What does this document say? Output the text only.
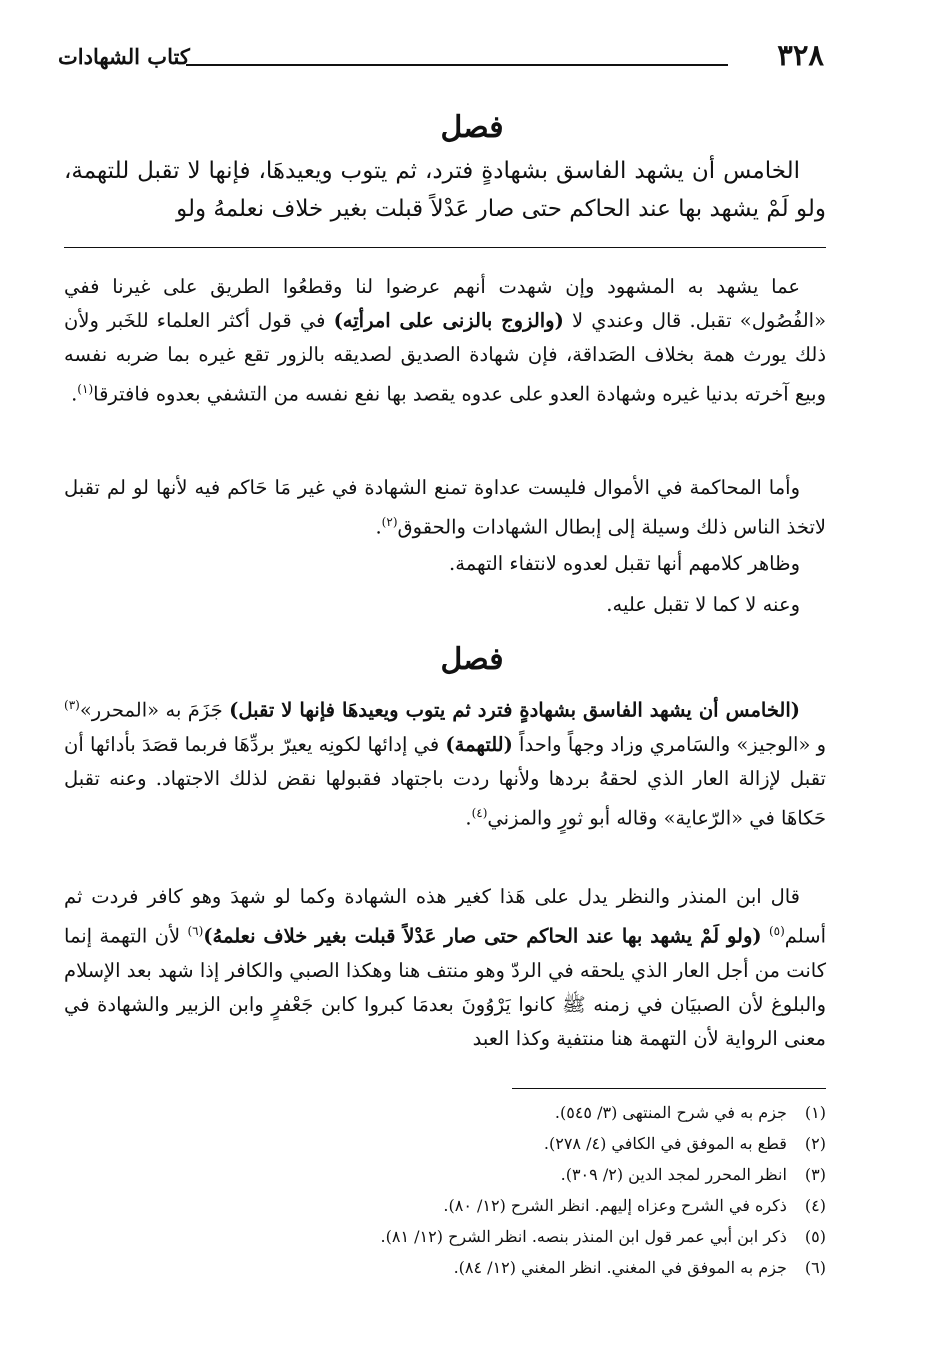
٣٢٨
كتاب الشهادات
فصل

الخامس أن يشهد الفاسق بشهادةٍ فترد، ثم يتوب ويعيدهَا، فإنها لا تقبل للتهمة، ولو لَمْ يشهد بها عند الحاكم حتى صار عَدْلاً قبلت بغير خلاف نعلمهُ ولو

عما يشهد به المشهود وإن شهدت أنهم عرضوا لنا وقطعُوا الطريق على غيرنا ففي «الفُصُول» تقبل. قال وعندي لا (والزوج بالزنى على امرأتِه) في قول أكثر العلماء للخَبر ولأن ذلك يورث همة بخلاف الصَداقة، فإن شهادة الصديق لصديقه بالزور تقع غيره بما ضربه نفسه وبيع آخرته بدنيا غيره وشهادة العدو على عدوه يقصد بها نفع نفسه من التشفي بعدوه فافترقا$^{(١)}$.

وأما المحاكمة في الأموال فليست عداوة تمنع الشهادة في غير مَا حَاكم فيه لأنها لو لم تقبل لاتخذ الناس ذلك وسيلة إلى إبطال الشهادات والحقوق$^{(٢)}$.

وظاهر كلامهم أنها تقبل لعدوه لانتفاء التهمة.

وعنه لا كما لا تقبل عليه.

فصل

(الخامس أن يشهد الفاسق بشهادةٍ فترد ثم يتوب ويعيدهَا فإنها لا تقبل) جَزَمَ به «المحرر»$^{(٣)}$ و «الوجيز» والسَامري وزاد وجهاً واحداً (للتهمة) في إدائها لكونِه يعيرّ بردِّهَا فربما قصَدَ بأدائها أن تقبل لإزالة العار الذي لحقهُ بردها ولأنها ردت باجتهاد فقبولها نقض لذلك الاجتهاد. وعنه تقبل حَكاهَا في «الرّعاية» وقاله أبو ثورٍ والمزني$^{(٤)}$.

قال ابن المنذر والنظر يدل على هَذا كغير هذه الشهادة وكما لو شهدَ وهو كافر فردت ثم أسلم$^{(٥)}$ (ولو لَمْ يشهد بها عند الحاكم حتى صار عَدْلاً قبلت بغير خلاف نعلمهُ)$^{(٦)}$ لأن التهمة إنما كانت من أجل العار الذي يلحقه في الردّ وهو منتف هنا وهكذا الصبي والكافر إذا شهد بعد الإسلام والبلوغ لأن الصبيَان في زمنه ﷺ كانوا يَرْوُونَ بعدمَا كبروا كابن جَعْفرٍ وابن الزبير والشهادة في معنى الرواية لأن التهمة هنا منتفية وكذا العبد

(١) جزم به في شرح المنتهى (٣/ ٥٤٥).
(٢) قطع به الموفق في الكافي (٤/ ٢٧٨).
(٣) انظر المحرر لمجد الدين (٢/ ٣٠٩).
(٤) ذكره في الشرح وعزاه إليهم. انظر الشرح (١٢/ ٨٠).
(٥) ذكر ابن أبي عمر قول ابن المنذر بنصه. انظر الشرح (١٢/ ٨١).
(٦) جزم به الموفق في المغني. انظر المغني (١٢/ ٨٤).
